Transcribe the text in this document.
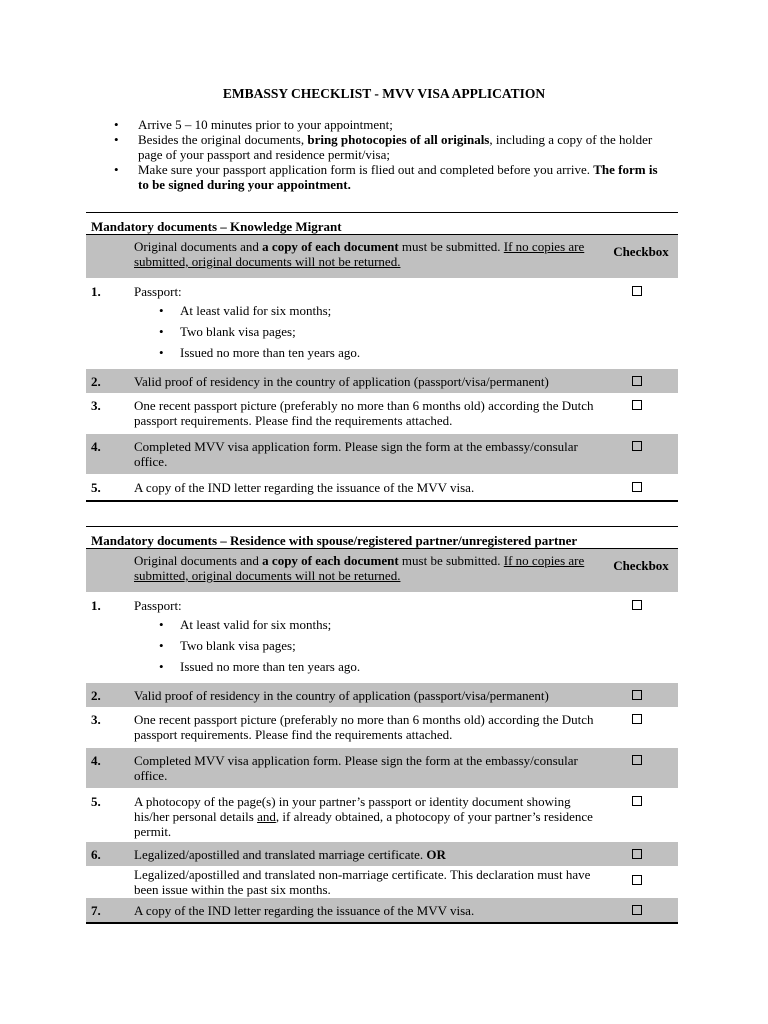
EMBASSY CHECKLIST - MVV VISA APPLICATION
• Arrive 5 – 10 minutes prior to your appointment;
• Besides the original documents, bring photocopies of all originals, including a copy of the holder page of your passport and residence permit/visa;
• Make sure your passport application form is flied out and completed before you arrive. The form is to be signed during your appointment.
Mandatory documents – Knowledge Migrant
Original documents and a copy of each document must be submitted. If no copies are submitted, original documents will not be returned.
Checkbox
1.	Passport:
• At least valid for six months;
• Two blank visa pages;
• Issued no more than ten years ago.
2.	Valid proof of residency in the country of application (passport/visa/permanent)
3.	One recent passport picture (preferably no more than 6 months old) according the Dutch passport requirements. Please find the requirements attached.
4.	Completed MVV visa application form. Please sign the form at the embassy/consular office.
5.	A copy of the IND letter regarding the issuance of the MVV visa.
Mandatory documents – Residence with spouse/registered partner/unregistered partner
Original documents and a copy of each document must be submitted. If no copies are submitted, original documents will not be returned.
Checkbox
1.	Passport:
• At least valid for six months;
• Two blank visa pages;
• Issued no more than ten years ago.
2.	Valid proof of residency in the country of application (passport/visa/permanent)
3.	One recent passport picture (preferably no more than 6 months old) according the Dutch passport requirements. Please find the requirements attached.
4.	Completed MVV visa application form. Please sign the form at the embassy/consular office.
5.	A photocopy of the page(s) in your partner’s passport or identity document showing his/her personal details and, if already obtained, a photocopy of your partner’s residence permit.
6.	Legalized/apostilled and translated marriage certificate. OR
Legalized/apostilled and translated non-marriage certificate. This declaration must have been issue within the past six months.
7.	A copy of the IND letter regarding the issuance of the MVV visa.
